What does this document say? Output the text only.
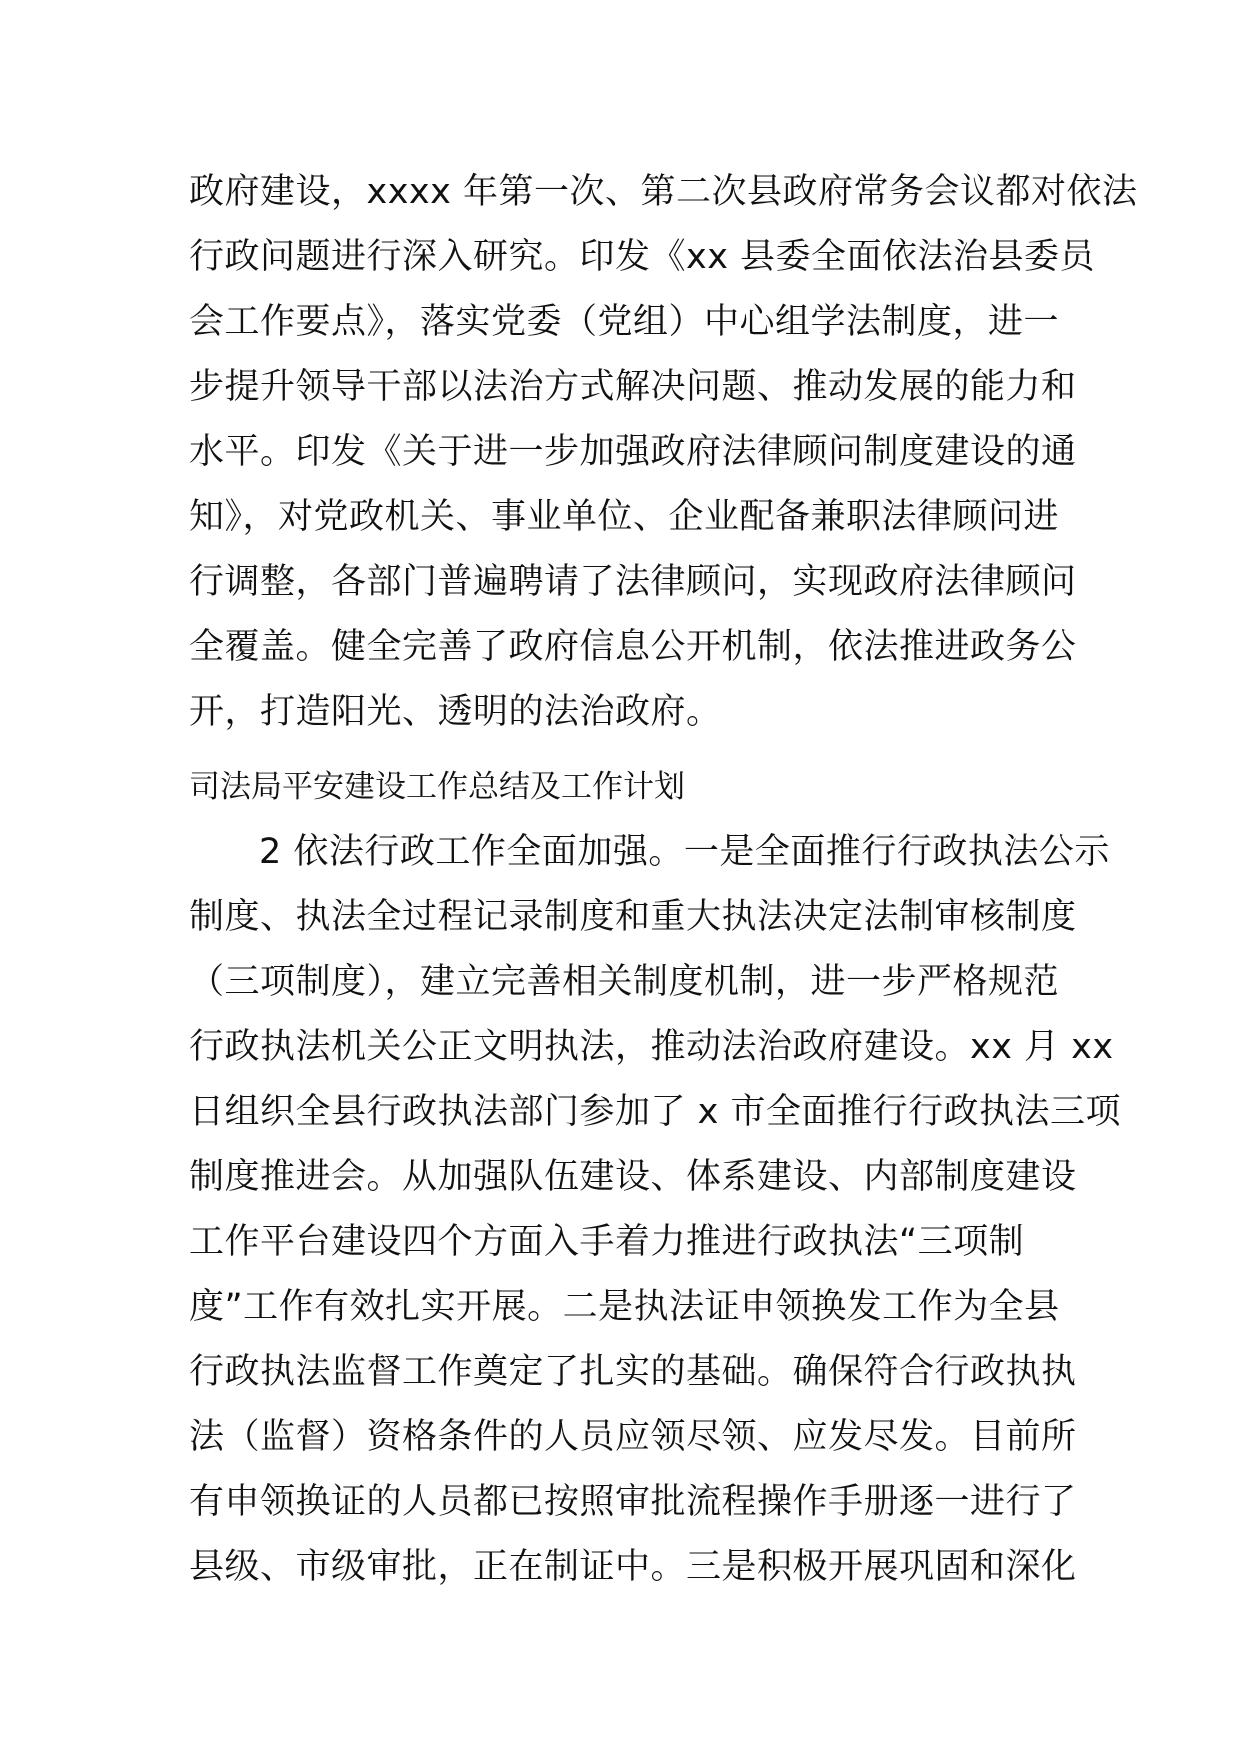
政府建设，xxxx 年第一次、第二次县政府常务会议都对依法
行政问题进行深入研究。印发《xx 县委全面依法治县委员
会工作要点》，落实党委（党组）中心组学法制度，进一
步提升领导干部以法治方式解决问题、推动发展的能力和
水平。印发《关于进一步加强政府法律顾问制度建设的通
知》，对党政机关、事业单位、企业配备兼职法律顾问进
行调整，各部门普遍聘请了法律顾问，实现政府法律顾问
全覆盖。健全完善了政府信息公开机制，依法推进政务公
开，打造阳光、透明的法治政府。
司法局平安建设工作总结及工作计划
2 依法行政工作全面加强。一是全面推行行政执法公示
制度、执法全过程记录制度和重大执法决定法制审核制度
（三项制度），建立完善相关制度机制，进一步严格规范
行政执法机关公正文明执法，推动法治政府建设。xx 月 xx
日组织全县行政执法部门参加了 x 市全面推行行政执法三项
制度推进会。从加强队伍建设、体系建设、内部制度建设
工作平台建设四个方面入手着力推进行政执法“三项制
度”工作有效扎实开展。二是执法证申领换发工作为全县
行政执法监督工作奠定了扎实的基础。确保符合行政执执
法（监督）资格条件的人员应领尽领、应发尽发。目前所
有申领换证的人员都已按照审批流程操作手册逐一进行了
县级、市级审批，正在制证中。三是积极开展巩固和深化
